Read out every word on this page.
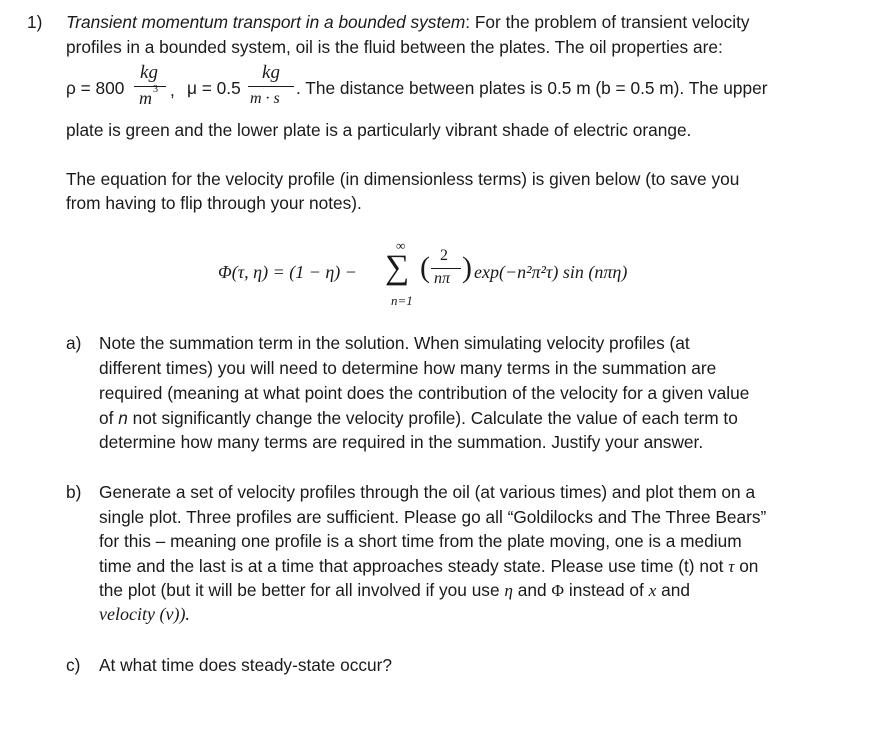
1) Transient momentum transport in a bounded system: For the problem of transient velocity
profiles in a bounded system, oil is the fluid between the plates. The oil properties are:
ρ = 800
kg
m 3 , μ = 0.5
kg
m · s
. The distance between plates is 0.5 m (b = 0.5 m). The upper
plate is green and the lower plate is a particularly vibrant shade of electric orange.
The equation for the velocity profile (in dimensionless terms) is given below (to save you
from having to flip through your notes).
Φ(τ, η) = (1 − η) −
∞
∑
n=1
( 2
nπ ) exp(−n²π²τ) sin (nπη)
a) Note the summation term in the solution. When simulating velocity profiles (at
different times) you will need to determine how many terms in the summation are
required (meaning at what point does the contribution of the velocity for a given value
of n not significantly change the velocity profile). Calculate the value of each term to
determine how many terms are required in the summation. Justify your answer.
b) Generate a set of velocity profiles through the oil (at various times) and plot them on a
single plot. Three profiles are sufficient. Please go all “Goldilocks and The Three Bears”
for this – meaning one profile is a short time from the plate moving, one is a medium
time and the last is at a time that approaches steady state. Please use time (t) not τ on
the plot (but it will be better for all involved if you use η and Φ instead of x and
velocity (v)).
c) At what time does steady-state occur?
